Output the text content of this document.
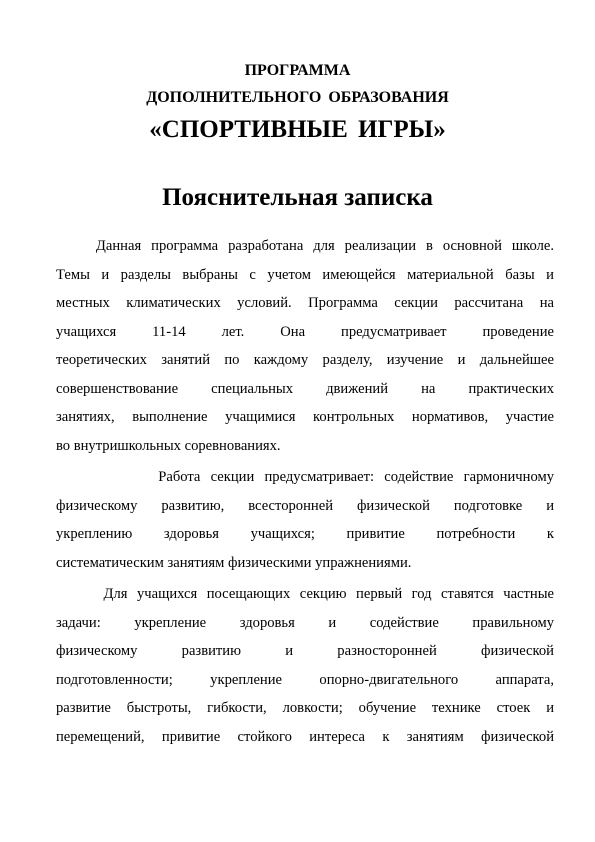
ПРОГРАММА
ДОПОЛНИТЕЛЬНОГО ОБРАЗОВАНИЯ
«СПОРТИВНЫЕ ИГРЫ»
Пояснительная записка
Данная программа разработана для реализации в основной школе.
Темы и разделы выбраны с учетом имеющейся материальной базы и
местных климатических условий. Программа секции рассчитана на
учащихся 11-14 лет. Она предусматривает проведение
теоретических занятий по каждому разделу, изучение и дальнейшее
совершенствование специальных движений на практических
занятиях, выполнение учащимися контрольных нормативов, участие
во внутришкольных соревнованиях.
Работа секции предусматривает: содействие гармоничному
физическому развитию, всесторонней физической подготовке и
укреплению здоровья учащихся; привитие потребности к
систематическим занятиям физическими упражнениями.
Для учащихся посещающих секцию первый год ставятся частные
задачи: укрепление здоровья и содействие правильному
физическому развитию и разносторонней физической
подготовленности; укрепление опорно-двигательного аппарата,
развитие быстроты, гибкости, ловкости; обучение технике стоек и
перемещений, привитие стойкого интереса к занятиям физической
